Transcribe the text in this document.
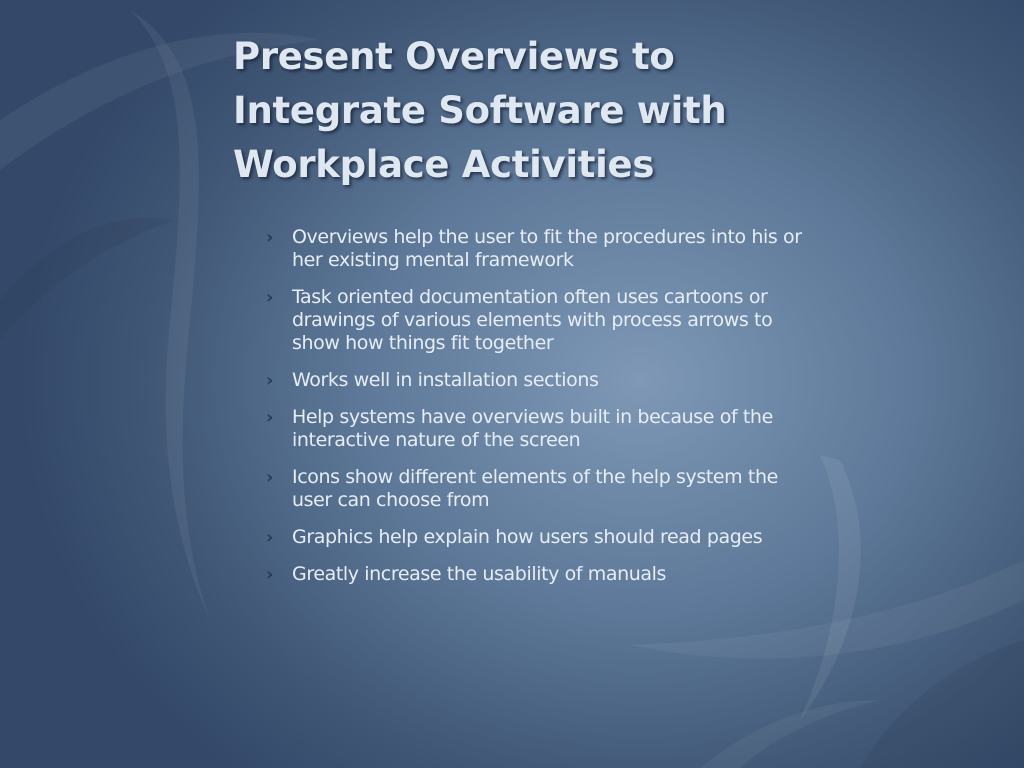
Present Overviews to Integrate Software with Workplace Activities
› Overviews help the user to fit the procedures into his or her existing mental framework
› Task oriented documentation often uses cartoons or drawings of various elements with process arrows to show how things fit together
› Works well in installation sections
› Help systems have overviews built in because of the interactive nature of the screen
› Icons show different elements of the help system the user can choose from
› Graphics help explain how users should read pages
› Greatly increase the usability of manuals
